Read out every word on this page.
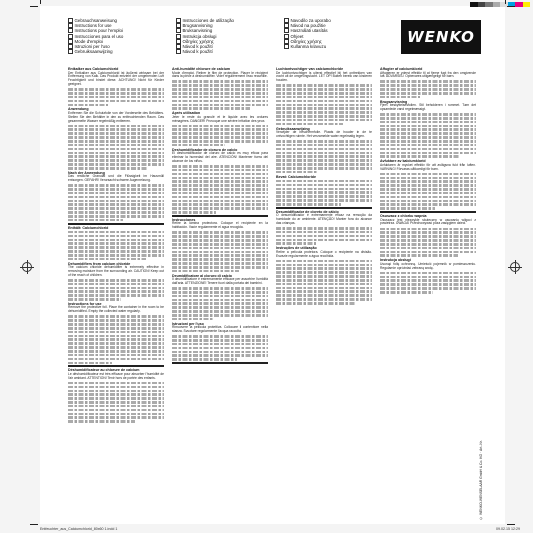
Gebrauchsanweisung
Instructions for use
Instructions pour l'emploi
Instrucciones para el uso
Mode d'emploi
Istruzioni per l'uso
Gebruiksaanwijzing
Instrucciones de utilização
Brugsanvisning
Bruksanvisning
Instrukcja obsługi
Οδηγίες χρήσης
Návod k použití
Návod k použití
Navodilo za uporabo
Návod na použitie
Használati utasítás
Ohjeet
Οδηγίες χρήσης
Kullanma kılavuzu
WENKO
Entkalker aus Calciumchlorid
Der Entkalker aus Calciumchlorid ist äußerst wirksam bei der Entfernung von Kalk. Das Produkt entzieht der umgebenden Luft Feuchtigkeit und bindet diese. ACHTUNG! Nicht für Kinder geeignet.
Anwendung
Entfernen Sie die Schutzfolie von der Vorderseite des Behälters. Stellen Sie den Behälter in den zu entfeuchtenden Raum. Das gesammelte Wasser regelmäßig entleeren.
Nach der Anwendung
Das restliche Granulat und die Flüssigkeit im Hausmüll entsorgen. GEFAHR! Verursacht schwere Augenreizung.
Enthält: Calciumchlorid
Dehumidifiers from calcium chloride
The calcium chloride dehumidifier is extremely effective in removing moisture from the surrounding air. CAUTION! Keep out of the reach of children.
Instructions for use
Remove the protective foil. Place the container in the room to be dehumidified. Empty the collected water regularly.
Déshumidificateur au chlorure de calcium
Le déshumidificateur est très efficace pour absorber l'humidité de l'air ambiant. ATTENTION! Tenir hors de portée des enfants.
Anti-humidité chlorure de calcium
Mode d'emploi. Retirer le film de protection. Placer le récipient dans la pièce à déshumidifier. Vider régulièrement l'eau recueillie.
Après utilisation
Jeter le reste du granulé et le liquide avec les ordures ménagères. DANGER! Provoque une sévère irritation des yeux.
Deshumidificador de cloruro de calcio
El deshumidificador de cloruro de calcio es muy eficaz para eliminar la humedad del aire. ATENCIÓN! Mantener fuera del alcance de los niños.
Instrucciones
Retire la lámina protectora. Coloque el recipiente en la habitación. Vacíe regularmente el agua recogida.
Deumidificatore al cloruro di calcio
Il deumidificatore è estremamente efficace per assorbire l'umidità dall'aria. ATTENZIONE! Tenere fuori dalla portata dei bambini.
Istruzioni per l'uso
Rimuovere la pellicola protettiva. Collocare il contenitore nella stanza. Svuotare regolarmente l'acqua raccolta.
Luchtontvochtiger van calciumchloride
De luchtontvochtiger is uiterst effectief bij het onttrekken van vocht uit de omgevingslucht. LET OP! Buiten bereik van kinderen houden.
Gebruiksaanwijzing
Verwijder de beschermfolie. Plaats de houder in de te ontvochtigen ruimte. Het verzamelde water regelmatig legen.
Bevat: Calciumchloride
Desumidificador de cloreto de cálcio
O desumidificador é extremamente eficaz na remoção da humidade do ar ambiente. ATENÇÃO! Manter fora do alcance das crianças.
Instruções de utilização
Retire a película protetora. Coloque o recipiente na divisão. Esvazie regularmente a água recolhida.
Affugter af calciumklorid
Affugteren er yderst effektiv til at fjerne fugt fra den omgivende luft. ADVARSEL! Opbevares utilgængeligt for børn.
Brugsanvisning
Fjern beskyttelsesfolien. Stil beholderen i rummet. Tøm det opsamlede vand regelmæssigt.
Avfuktare av kalciumklorid
Avfuktaren är mycket effektiv för att avlägsna fukt från luften. VARNING! Förvaras oåtkomligt för barn.
Osuszacz z chlorku wapnia
Osuszacz jest niezwykle skuteczny w usuwaniu wilgoci z powietrza. UWAGA! Przechowywać poza zasięgiem dzieci.
Instrukcja obsługi
Usunąć folię ochronną. Umieścić pojemnik w pomieszczeniu. Regularnie opróżniać zebraną wodę.
© WENKO-WENSELAAR GmbH & Co. KG · Art.-Nr.
Entfeuchter_aus_Calciumchlorid_80x60 1.indd 1	09.02.15 12:29
